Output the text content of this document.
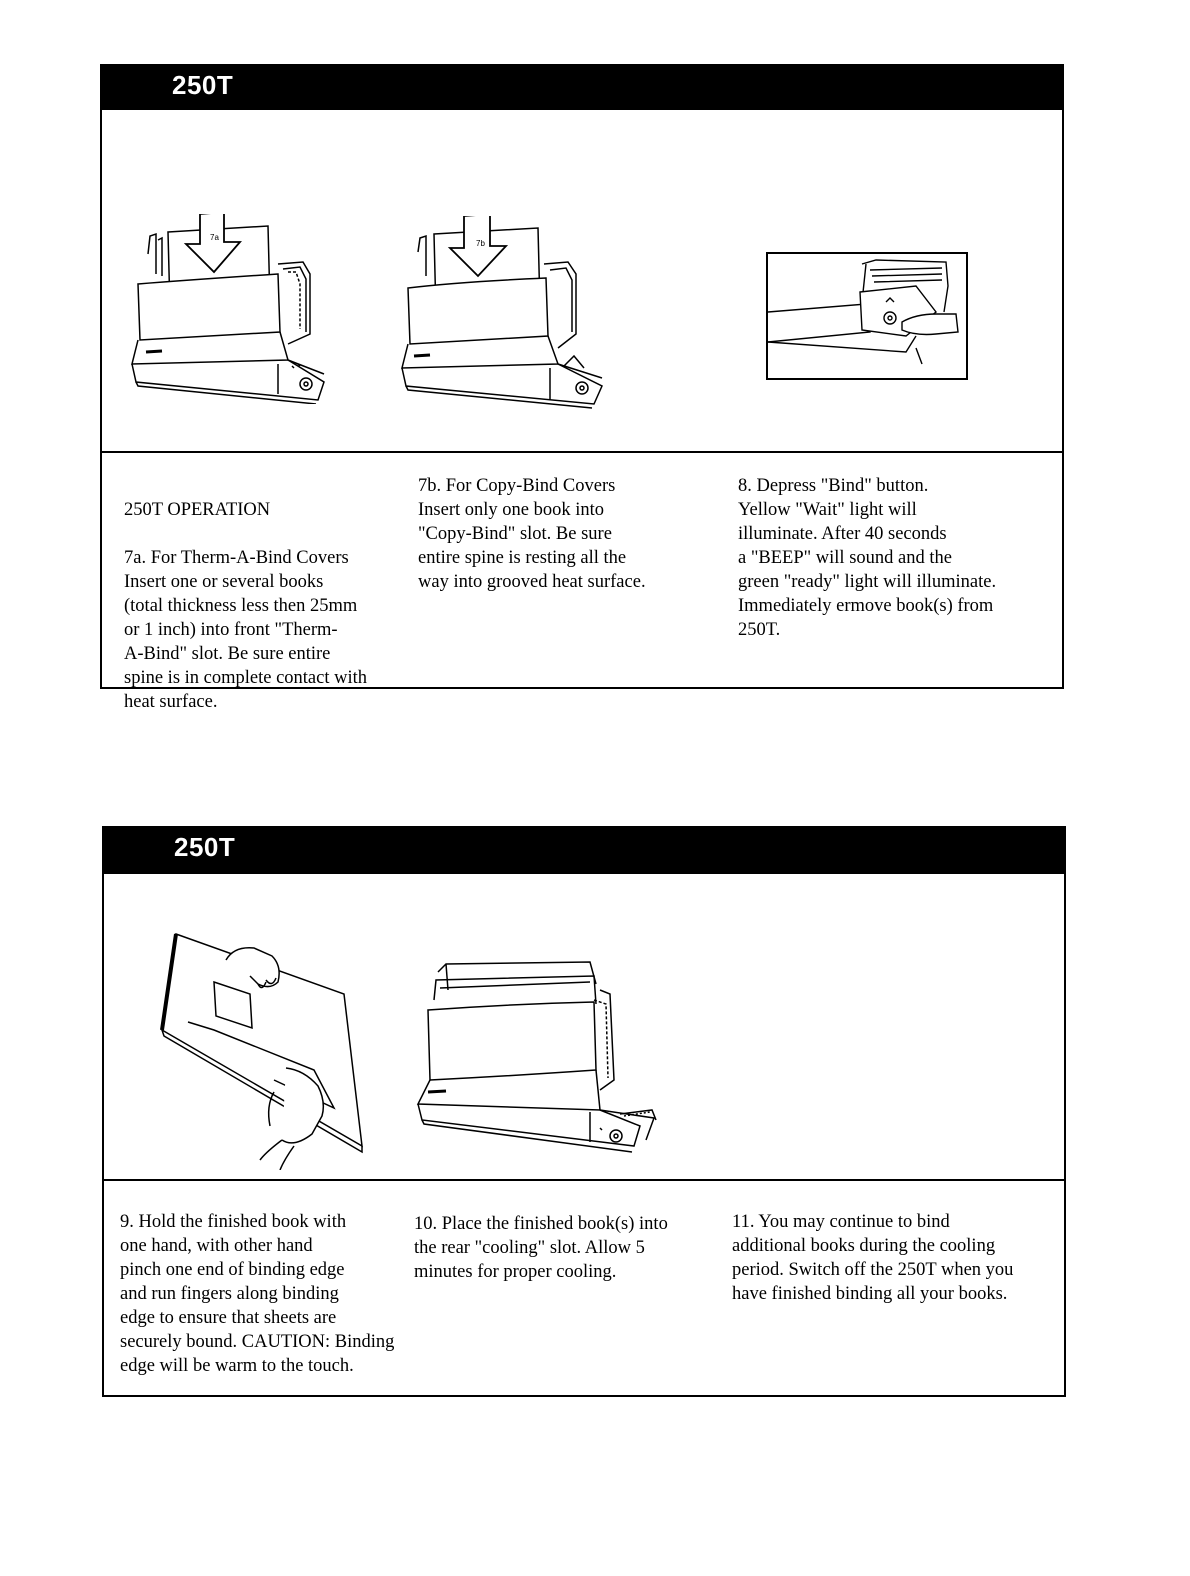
250T
7a
7b

250T OPERATION

7a. For Therm-A-Bind Covers
Insert one or several books
(total thickness less then 25mm
or 1 inch) into front "Therm-
A-Bind" slot. Be sure entire
spine is in complete contact with
heat surface.

7b. For Copy-Bind Covers
Insert only one book into
"Copy-Bind" slot. Be sure
entire spine is resting all the
way into grooved heat surface.
8. Depress "Bind" button.
Yellow "Wait" light will
illuminate. After 40 seconds
a "BEEP" will sound and the
green "ready" light will illuminate.
Immediately ermove book(s) from
250T.
250T
9. Hold the finished book with
one hand, with other hand
pinch one end of binding edge
and run fingers along binding
edge to ensure that sheets are
securely bound. CAUTION: Binding
edge will be warm to the touch.
10. Place the finished book(s) into
the rear "cooling" slot. Allow 5
minutes for proper cooling.
11. You may continue to bind
additional books during the cooling
period. Switch off the 250T when you
have finished binding all your books.
